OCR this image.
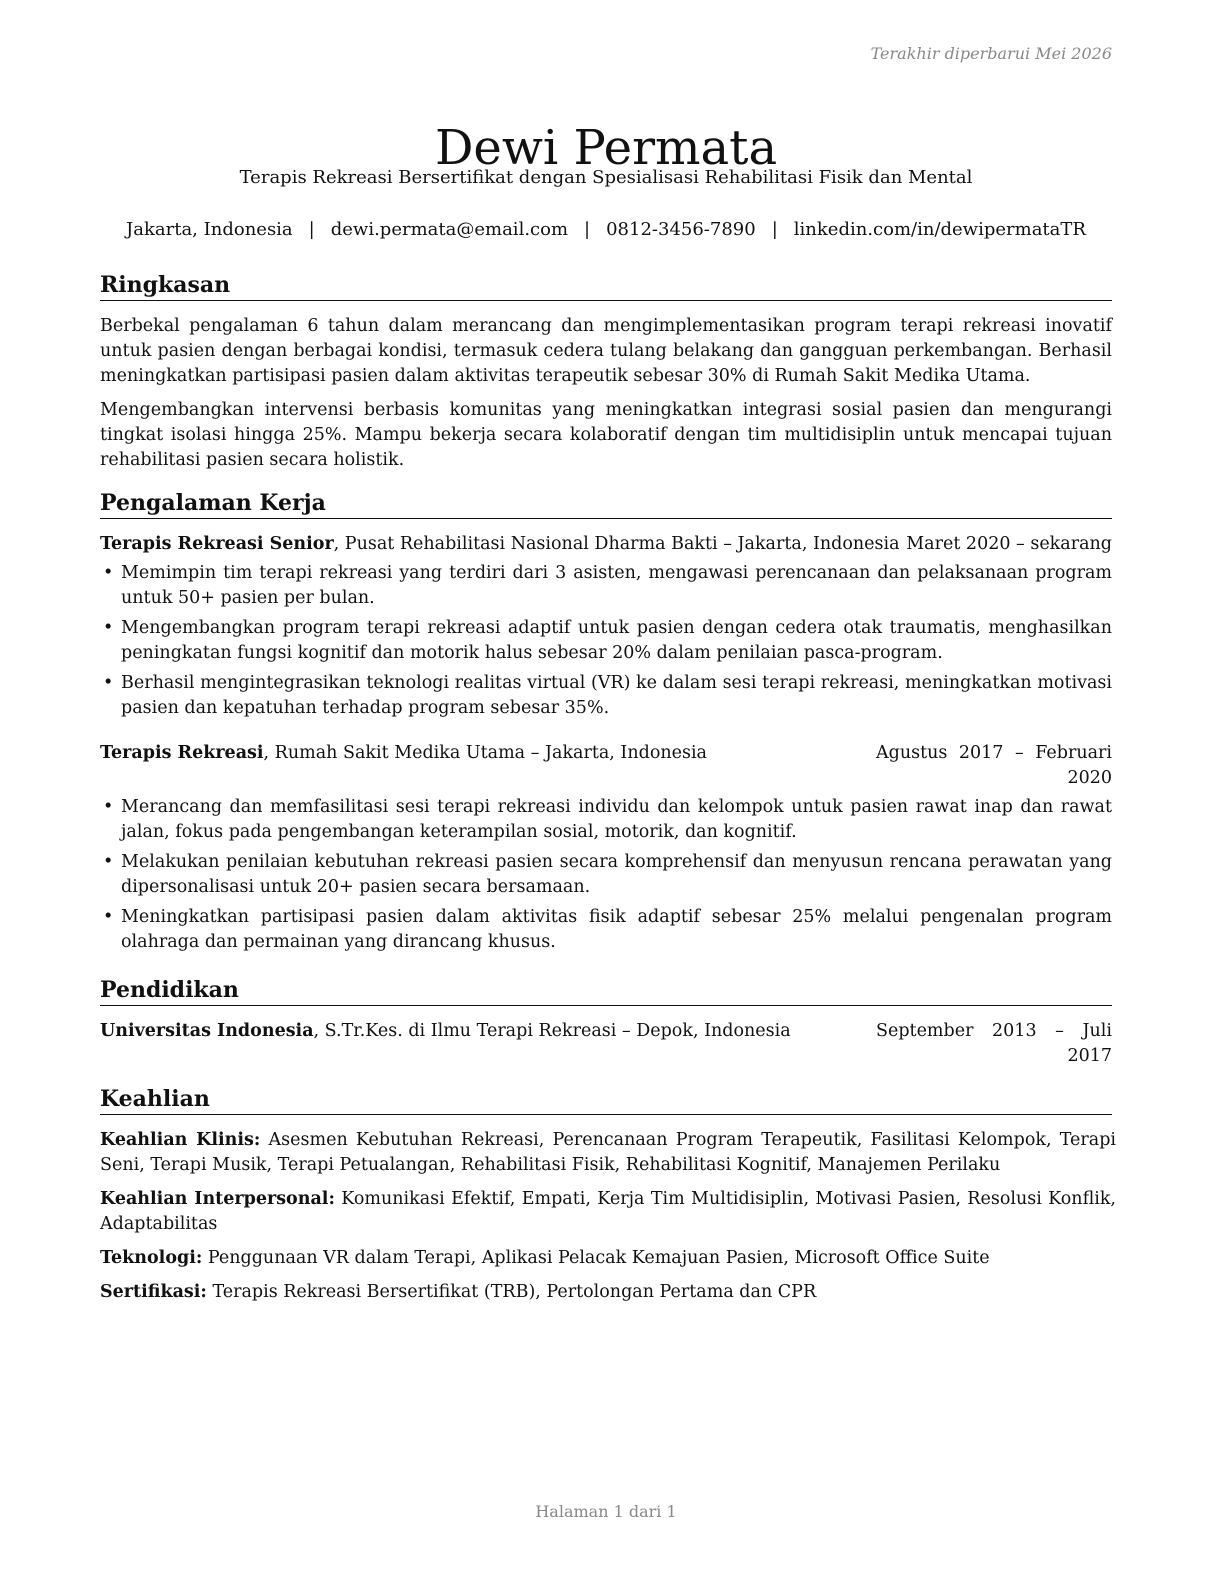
Terakhir diperbarui Mei 2026
Dewi Permata
Terapis Rekreasi Bersertifikat dengan Spesialisasi Rehabilitasi Fisik dan Mental
Jakarta, Indonesia | dewi.permata@email.com | 0812-3456-7890 | linkedin.com/in/dewipermataTR
Ringkasan

Berbekal pengalaman 6 tahun dalam merancang dan mengimplementasikan program terapi rekreasi inovatif untuk pasien dengan berbagai kondisi, termasuk cedera tulang belakang dan gangguan perkembangan. Berhasil meningkatkan partisipasi pasien dalam aktivitas terapeutik sebesar 30% di Rumah Sakit Medika Utama.

Mengembangkan intervensi berbasis komunitas yang meningkatkan integrasi sosial pasien dan mengurangi tingkat isolasi hingga 25%. Mampu bekerja secara kolaboratif dengan tim multidisiplin untuk mencapai tujuan rehabilitasi pasien secara holistik.

Pengalaman Kerja
Terapis Rekreasi Senior, Pusat Rehabilitasi Nasional Dharma Bakti – Jakarta, Indonesia Maret 2020 – sekarang
• Memimpin tim terapi rekreasi yang terdiri dari 3 asisten, mengawasi perencanaan dan pelaksanaan program untuk 50+ pasien per bulan.
• Mengembangkan program terapi rekreasi adaptif untuk pasien dengan cedera otak traumatis, menghasilkan peningkatan fungsi kognitif dan motorik halus sebesar 20% dalam penilaian pasca-program.
• Berhasil mengintegrasikan teknologi realitas virtual (VR) ke dalam sesi terapi rekreasi, meningkatkan motivasi pasien dan kepatuhan terhadap program sebesar 35%.
Terapis Rekreasi, Rumah Sakit Medika Utama – Jakarta, Indonesia	Agustus 2017 – Februari 2020
• Merancang dan memfasilitasi sesi terapi rekreasi individu dan kelompok untuk pasien rawat inap dan rawat jalan, fokus pada pengembangan keterampilan sosial, motorik, dan kognitif.
• Melakukan penilaian kebutuhan rekreasi pasien secara komprehensif dan menyusun rencana perawatan yang dipersonalisasi untuk 20+ pasien secara bersamaan.
• Meningkatkan partisipasi pasien dalam aktivitas fisik adaptif sebesar 25% melalui pengenalan program olahraga dan permainan yang dirancang khusus.
Pendidikan
Universitas Indonesia, S.Tr.Kes. di Ilmu Terapi Rekreasi – Depok, Indonesia	September 2013 – Juli 2017
Keahlian

Keahlian Klinis: Asesmen Kebutuhan Rekreasi, Perencanaan Program Terapeutik, Fasilitasi Kelompok, Terapi Seni, Terapi Musik, Terapi Petualangan, Rehabilitasi Fisik, Rehabilitasi Kognitif, Manajemen Perilaku

Keahlian Interpersonal: Komunikasi Efektif, Empati, Kerja Tim Multidisiplin, Motivasi Pasien, Resolusi Konflik, Adaptabilitas

Teknologi: Penggunaan VR dalam Terapi, Aplikasi Pelacak Kemajuan Pasien, Microsoft Office Suite

Sertifikasi: Terapis Rekreasi Bersertifikat (TRB), Pertolongan Pertama dan CPR

Halaman 1 dari 1
